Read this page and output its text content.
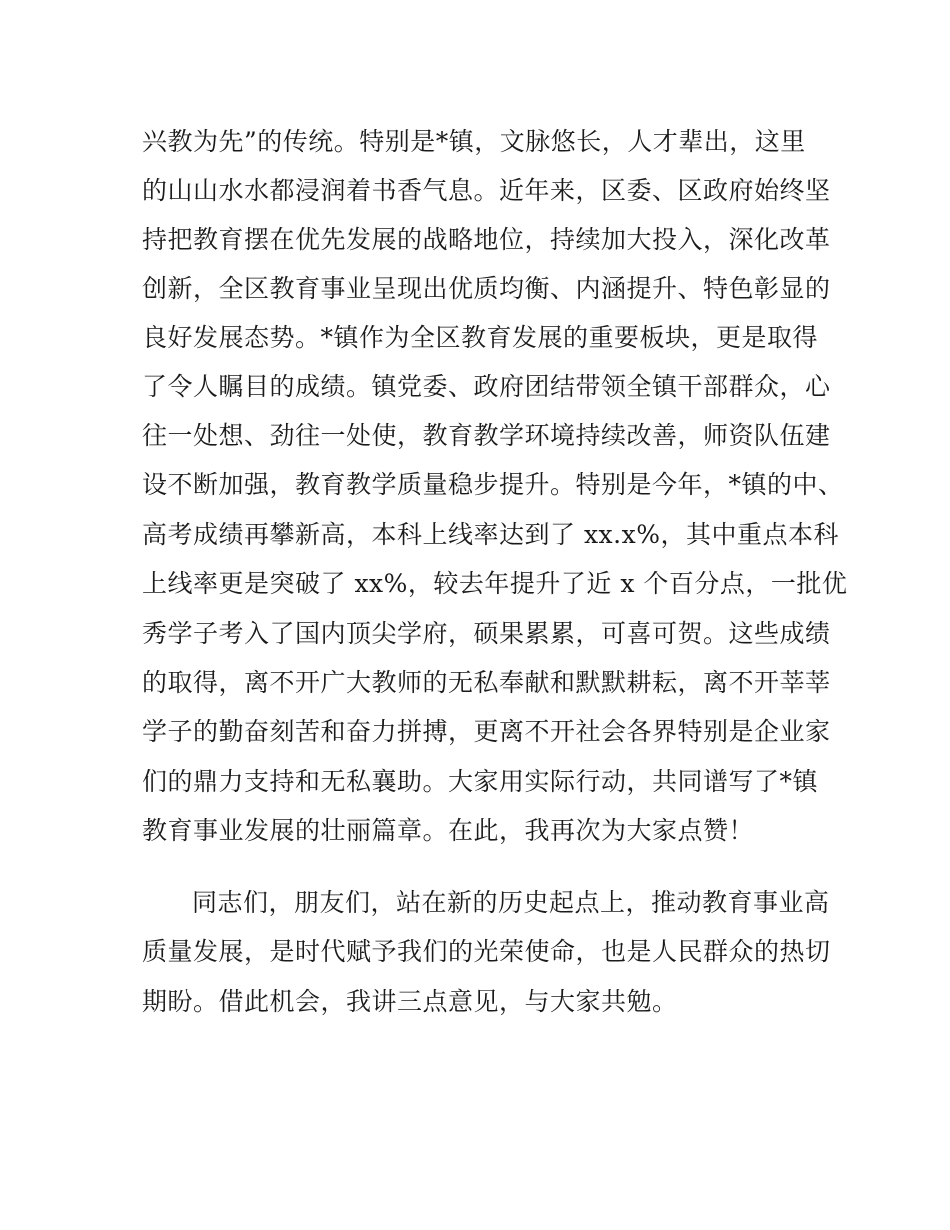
兴教为先”的传统。特别是*镇，文脉悠长，人才辈出，这里
的山山水水都浸润着书香气息。近年来，区委、区政府始终坚
持把教育摆在优先发展的战略地位，持续加大投入，深化改革
创新，全区教育事业呈现出优质均衡、内涵提升、特色彰显的
良好发展态势。*镇作为全区教育发展的重要板块，更是取得
了令人瞩目的成绩。镇党委、政府团结带领全镇干部群众，心
往一处想、劲往一处使，教育教学环境持续改善，师资队伍建
设不断加强，教育教学质量稳步提升。特别是今年，*镇的中、
高考成绩再攀新高，本科上线率达到了 xx.x%，其中重点本科
上线率更是突破了 xx%，较去年提升了近 x 个百分点，一批优
秀学子考入了国内顶尖学府，硕果累累，可喜可贺。这些成绩
的取得，离不开广大教师的无私奉献和默默耕耘，离不开莘莘
学子的勤奋刻苦和奋力拼搏，更离不开社会各界特别是企业家
们的鼎力支持和无私襄助。大家用实际行动，共同谱写了*镇
教育事业发展的壮丽篇章。在此，我再次为大家点赞！
同志们，朋友们，站在新的历史起点上，推动教育事业高
质量发展，是时代赋予我们的光荣使命，也是人民群众的热切
期盼。借此机会，我讲三点意见，与大家共勉。
